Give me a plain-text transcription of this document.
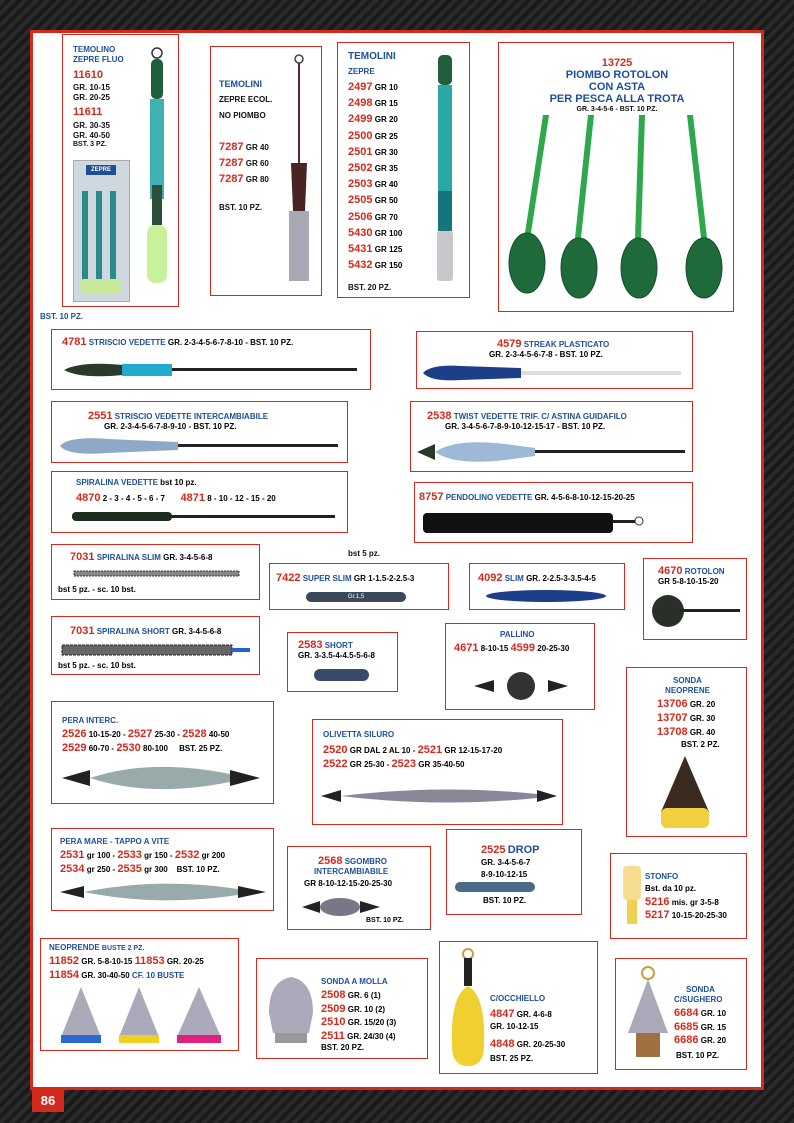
TEMOLINO
ZEPRE FLUO
11610
GR. 10-15
GR. 20-25
11611
GR. 30-35
GR. 40-50
BST. 3 PZ.
ZEPRE
TEMOLINI
ZEPRE ECOL.
NO PIOMBO
7287 GR 40
7287 GR 60
7287 GR 80
BST. 10 PZ.
TEMOLINI
ZEPRE
BST. 20 PZ.
2497 GR 10
2498 GR 15
2499 GR 20
2500 GR 25
2501 GR 30
2502 GR 35
2503 GR 40
2505 GR 50
2506 GR 70
5430 GR 100
5431 GR 125
5432 GR 150
13725
PIOMBO ROTOLON
CON ASTA
PER PESCA ALLA TROTA
GR. 3-4-5-6 - BST. 10 PZ.
BST. 10 PZ.
4781 STRISCIO VEDETTE GR. 2-3-4-5-6-7-8-10 - BST. 10 PZ.	4579 STREAK PLASTICATO
GR. 2-3-4-5-6-7-8 - BST. 10 PZ.
2551 STRISCIO VEDETTE INTERCAMBIABILE
GR. 2-3-4-5-6-7-8-9-10 - BST. 10 PZ.
2538 TWIST VEDETTE TRIF. C/ ASTINA GUIDAFILO
GR. 3-4-5-6-7-8-9-10-12-15-17 - BST. 10 PZ.
SPIRALINA VEDETTE bst 10 pz.
4870 2 - 3 - 4 - 5 - 6 - 7 4871 8 - 10 - 12 - 15 - 20	8757 PENDOLINO VEDETTE GR. 4-5-6-8-10-12-15-20-25
bst 5 pz.
7031 SPIRALINA SLIM GR. 3-4-5-6-8
bst 5 pz. - sc. 10 bst.
7422 SUPER SLIM GR 1-1.5-2-2.5-3
Gr.1,5
4092 SLIM GR. 2-2.5-3-3.5-4-5
4670 ROTOLON
GR 5-8-10-15-20
7031 SPIRALINA SHORT GR. 3-4-5-6-8
bst 5 pz. - sc. 10 bst.
2583 SHORT
GR. 3-3.5-4-4.5-5-6-8
PALLINO
4671 8-10-15 4599 20-25-30
SONDA
NEOPRENE
BST. 2 PZ.
13706 GR. 20
13707 GR. 30
13708 GR. 40
PERA INTERC.
2526 10-15-20 - 2527 25-30 - 2528 40-50
2529 60-70 - 2530 80-100 BST. 25 PZ.
OLIVETTA SILURO
2520 GR DAL 2 AL 10 - 2521 GR 12-15-17-20
2522 GR 25-30 - 2523 GR 35-40-50
PERA MARE - TAPPO A VITE
2531 gr 100 - 2533 gr 150 - 2532 gr 200
2534 gr 250 - 2535 gr 300 BST. 10 PZ.
2568 SGOMBRO
INTERCAMBIABILE
GR 8-10-12-15-20-25-30
BST. 10 PZ.
2525 DROP
GR. 3-4-5-6-7
8-9-10-12-15
BST. 10 PZ.
STONFO
Bst. da 10 pz.
5216 mis. gr 3-5-8
5217 10-15-20-25-30
NEOPRENDE BUSTE 2 PZ.
11852 GR. 5-8-10-15 11853 GR. 20-25
11854 GR. 30-40-50 CF. 10 BUSTE
SONDA A MOLLA
BST. 20 PZ.
2508 GR. 6 (1)
2509 GR. 10 (2)
2510 GR. 15/20 (3)
2511 GR. 24/30 (4)
C/OCCHIELLO
4847 GR. 4-6-8
GR. 10-12-15
4848 GR. 20-25-30
BST. 25 PZ.
SONDA
C/SUGHERO
BST. 10 PZ.
6684 GR. 10
6685 GR. 15
6686 GR. 20
86
